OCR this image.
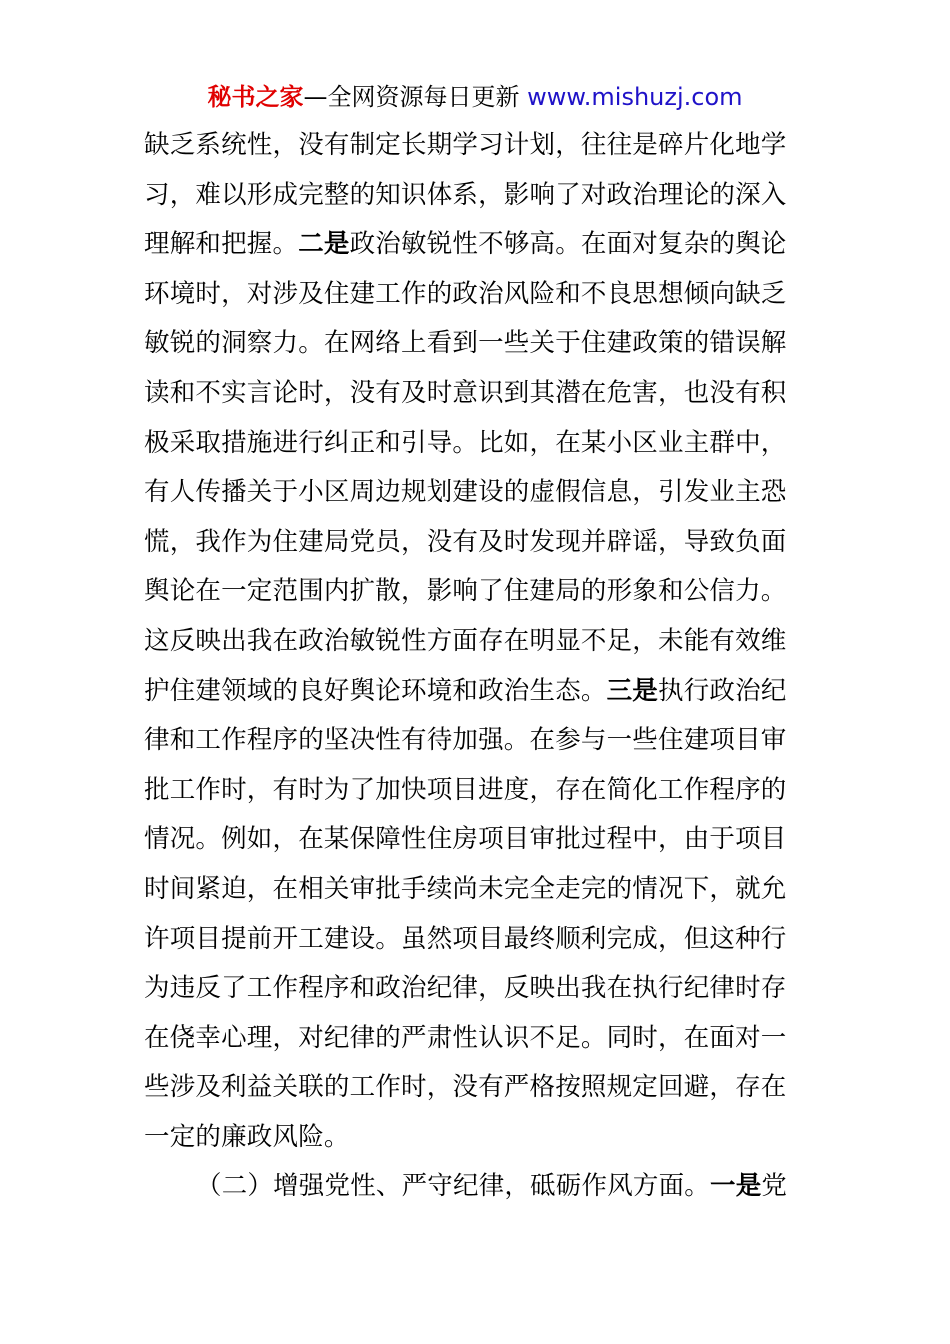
秘书之家—全网资源每日更新 www.mishuzj.com
缺乏系统性，没有制定长期学习计划，往往是碎片化地学
习，难以形成完整的知识体系，影响了对政治理论的深入
理解和把握。二是政治敏锐性不够高。在面对复杂的舆论
环境时，对涉及住建工作的政治风险和不良思想倾向缺乏
敏锐的洞察力。在网络上看到一些关于住建政策的错误解
读和不实言论时，没有及时意识到其潜在危害，也没有积
极采取措施进行纠正和引导。比如，在某小区业主群中，
有人传播关于小区周边规划建设的虚假信息，引发业主恐
慌，我作为住建局党员，没有及时发现并辟谣，导致负面
舆论在一定范围内扩散，影响了住建局的形象和公信力。
这反映出我在政治敏锐性方面存在明显不足，未能有效维
护住建领域的良好舆论环境和政治生态。三是执行政治纪
律和工作程序的坚决性有待加强。在参与一些住建项目审
批工作时，有时为了加快项目进度，存在简化工作程序的
情况。例如，在某保障性住房项目审批过程中，由于项目
时间紧迫，在相关审批手续尚未完全走完的情况下，就允
许项目提前开工建设。虽然项目最终顺利完成，但这种行
为违反了工作程序和政治纪律，反映出我在执行纪律时存
在侥幸心理，对纪律的严肃性认识不足。同时，在面对一
些涉及利益关联的工作时，没有严格按照规定回避，存在
一定的廉政风险。
（二）增强党性、严守纪律，砥砺作风方面。一是党
